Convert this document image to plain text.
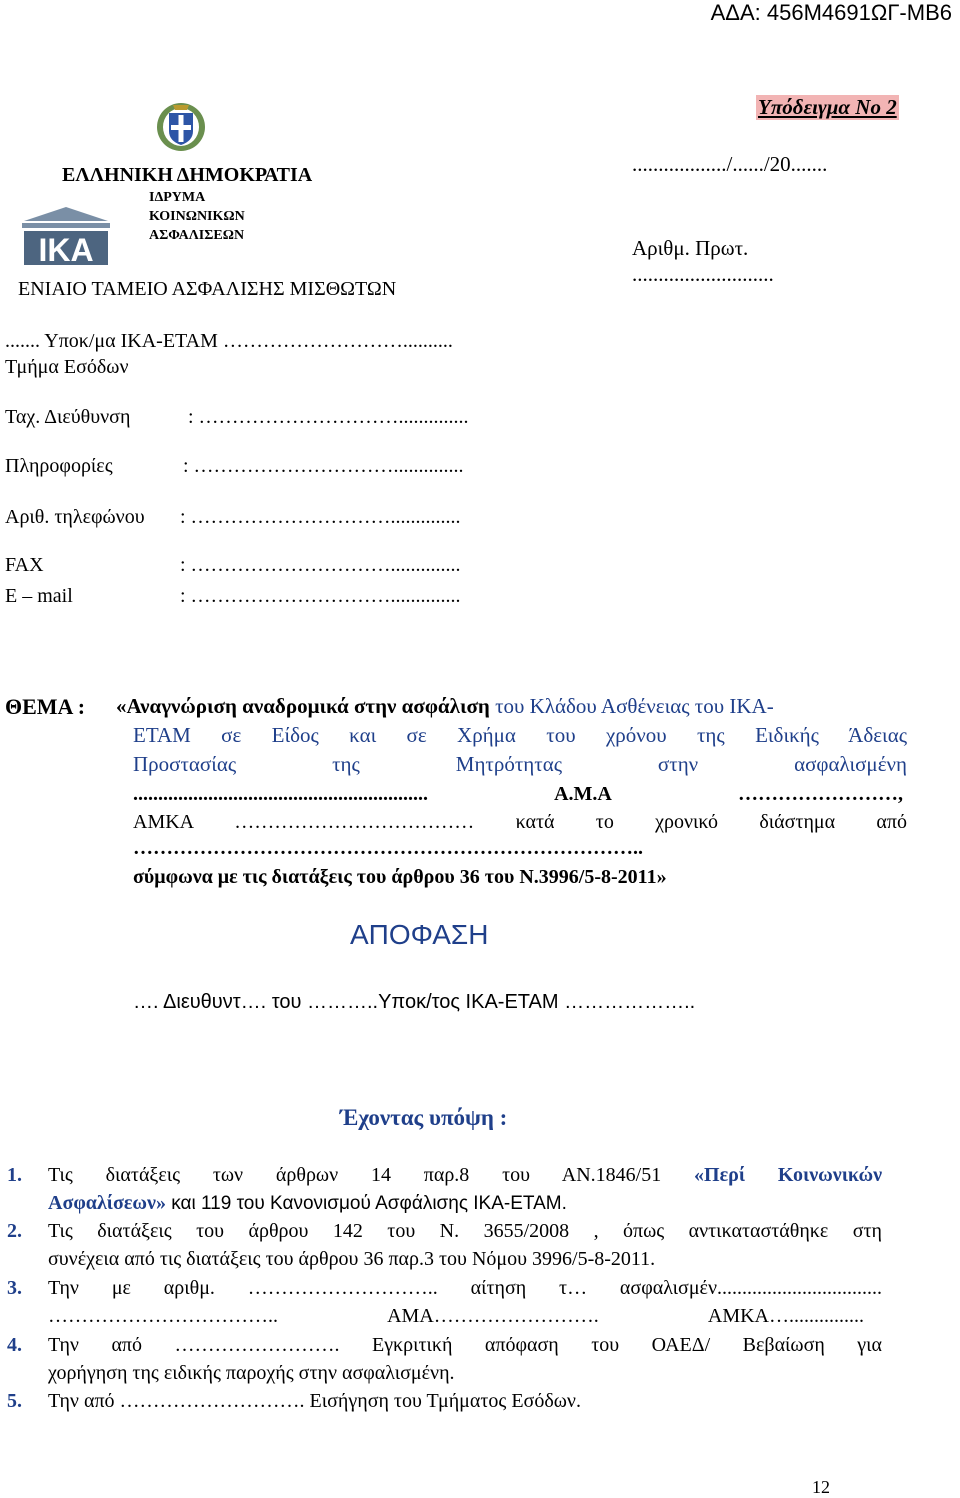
ΑΔΑ: 456Μ4691ΩΓ-ΜΒ6
ΕΛΛΗΝΙΚΗ ΔΗΜΟΚΡΑΤΙΑ
ΙΚΑ
ΙΔΡΥΜΑ
ΚΟΙΝΩΝΙΚΩΝ
ΑΣΦΑΛΙΣΕΩΝ
ΕΝΙΑΙΟ ΤΑΜΕΙΟ ΑΣΦΑΛΙΣΗΣ ΜΙΣΘΩΤΩΝ
Υπόδειγμα Νο 2
................../....../20.......
Αριθμ. Πρωτ.
...........................
....... Υποκ/μα ΙΚΑ-ΕΤΑΜ ………………………..........
Τμήμα Εσόδων
Ταχ. Διεύθυνση	: …………………………..............
Πληροφορίες	: …………………………..............
Αριθ. τηλεφώνου : …………………………..............
FAX	: …………………………..............
E – mail	: …………………………..............
ΘΕΜΑ : «Αναγνώριση αναδρομικά στην ασφάλιση του Κλάδου Ασθένειας του ΙΚΑ-
ΕΤΑΜ σε Είδος και σε Χρήμα του χρόνου της Ειδικής Άδειας
Προστασίας της Μητρότητας στην ασφαλισμένη
........................................................... Α.Μ.Α ……………………,
ΑΜΚΑ ……………………………… κατά το χρονικό διάστημα από
…………………………………………………………………..
σύμφωνα με τις διατάξεις του άρθρου 36 του Ν.3996/5-8-2011»
ΑΠΟΦΑΣΗ
…. Διευθυντ…. του ………..Υποκ/τος ΙΚΑ-ΕΤΑΜ ………………..
Έχοντας υπόψη :
1. Τις διατάξεις των άρθρων 14 παρ.8 του ΑΝ.1846/51 «Περί Κοινωνικών
Ασφαλίσεων» και 119 του Κανονισμού Ασφάλισης ΙΚΑ-ΕΤΑΜ.
2. Τις διατάξεις του άρθρου 142 του Ν. 3655/2008 , όπως αντικαταστάθηκε στη
συνέχεια από τις διατάξεις του άρθρου 36 παρ.3 του Νόμου 3996/5-8-2011.
3. Την με αριθμ. ……………………….. αίτηση τ… ασφαλισμέν.................................
…………………………….. ΑΜΑ……………………. ΑΜΚΑ…...............
4. Την από ……………………. Εγκριτική απόφαση του ΟΑΕΔ/ Βεβαίωση για
χορήγηση της ειδικής παροχής στην ασφαλισμένη.
5. Την από ………………………. Εισήγηση του Τμήματος Εσόδων.
12
